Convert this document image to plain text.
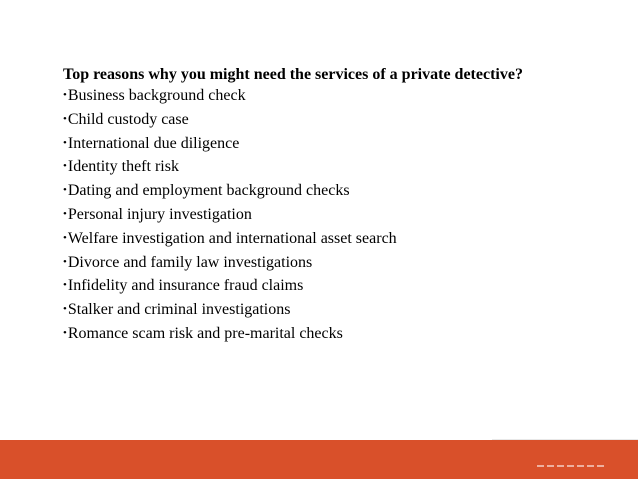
Top reasons why you might need the services of a private detective?

•Business background check
•Child custody case
•International due diligence
•Identity theft risk
•Dating and employment background checks
•Personal injury investigation
•Welfare investigation and international asset search
•Divorce and family law investigations
•Infidelity and insurance fraud claims
•Stalker and criminal investigations
•Romance scam risk and pre-marital checks
